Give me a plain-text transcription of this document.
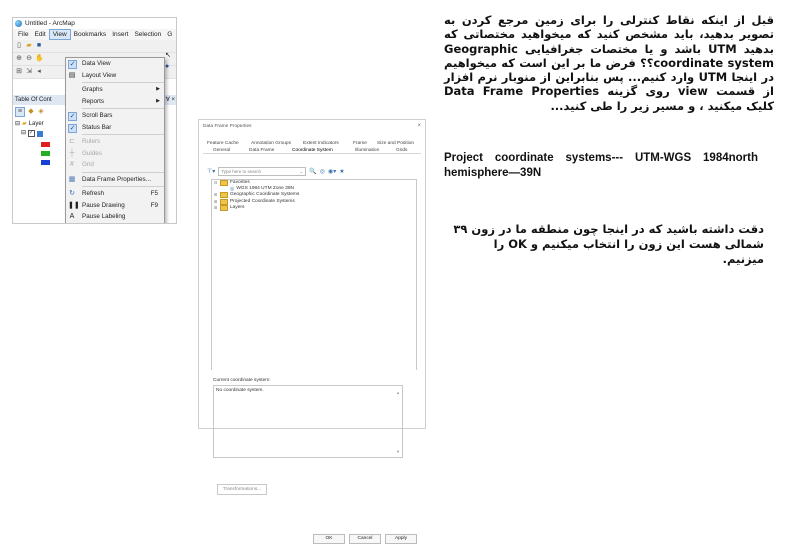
Untitled - ArcMap
File Edit	View	Bookmarks Insert Selection G
▯ ▰ ■
⊕ ⊖ ✋
⊞ ⇲ ◂
↖
●
Table Of Cont	∀ ×
≡ ◆ ◈
⊟ ▰ Layer
⊟ ✓
✓ Data View
▤ Layout View
Graphs	▶
Reports	▶
✓ Scroll Bars
✓ Status Bar
⊏ Rulers
┼ Guides
#	Grid
▦ Data Frame Properties...
↻ Refresh	F5
❚❚ Pause Drawing	F9
A Pause Labeling
Data Frame Properties	×
Feature Cache	Annotation Groups Extent Indicators	Frame Size and Position
General	Data Frame	Coordinate System	Illumination	Grids
⊤▾	Type here to search	⌄ 🔍 ◎ ◉▾ ★
⊟	Favorites
◎ WGS 1984 UTM Zone 39N
⊞	Geographic Coordinate Systems
⊞	Projected Coordinate Systems
⊞	Layers
Current coordinate system:
No coordinate system.	▲
▼
Transformations...
OK	Cancel	Apply
قبل از اینکه نقاط کنترلی را برای زمین مرجع کردن به تصویر بدهید، باید مشخص کنید که میخواهید مختصاتی که بدهید UTM باشد و یا مختصات جغرافیایی Geographic coordinate system؟؟ فرض ما بر این است که میخواهیم در اینجا UTM وارد کنیم... پس بنابراین از منوبار نرم افزار از قسمت view روی گزینه Data Frame Properties کلیک میکنید ، و مسیر زیر را طی کنید...
Project coordinate systems--- UTM-WGS 1984north hemisphere—39N
دقت داشته باشید که در اینجا چون منطقه ما در زون ۳۹ شمالی هست این زون را انتخاب میکنیم و OK را میزنیم.
